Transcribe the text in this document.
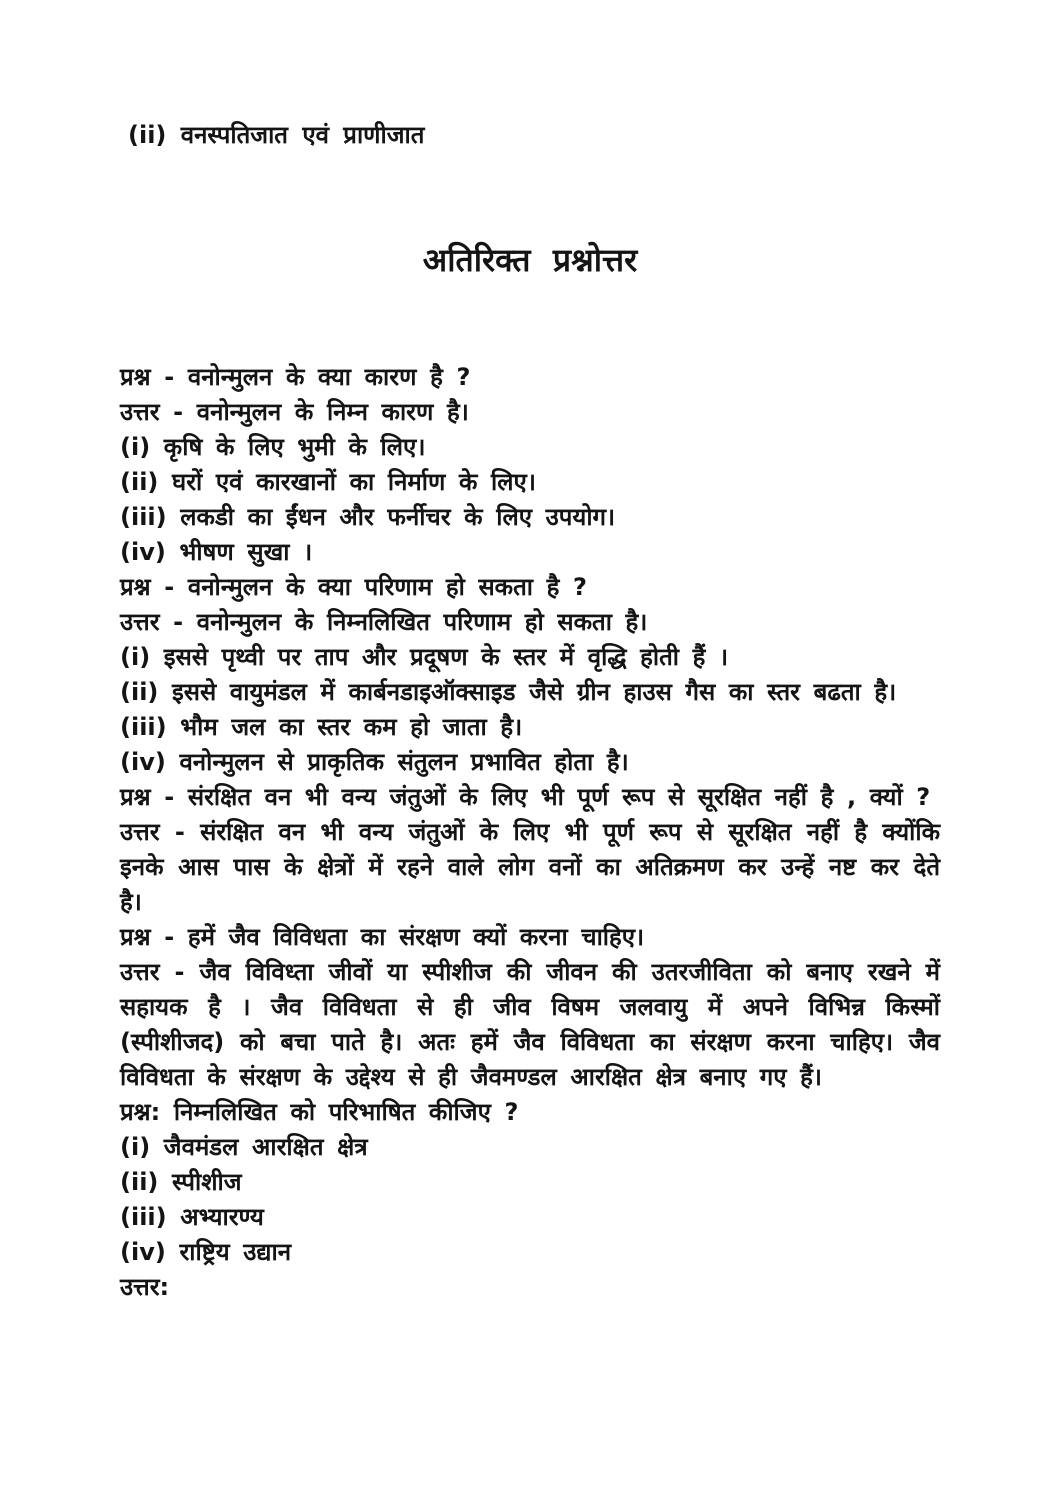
(ii) वनस्पतिजात एवं प्राणीजात
अतिरिक्त प्रश्नोत्तर

प्रश्न - वनोन्मुलन के क्या कारण है ?

उत्तर - वनोन्मुलन के निम्न कारण है।

(i) कृषि के लिए भुमी के लिए।

(ii) घरों एवं कारखानों का निर्माण के लिए।

(iii) लकडी का ईंधन और फर्नीचर के लिए उपयोग।

(iv) भीषण सुखा ।

प्रश्न - वनोन्मुलन के क्या परिणाम हो सकता है ?

उत्तर - वनोन्मुलन के निम्नलिखित परिणाम हो सकता है।

(i) इससे पृथ्वी पर ताप और प्रदूषण के स्तर में वृद्धि होती हैं ।

(ii) इससे वायुमंडल में कार्बनडाइऑक्साइड जैसे ग्रीन हाउस गैस का स्तर बढता है।

(iii) भौम जल का स्तर कम हो जाता है।

(iv) वनोन्मुलन से प्राकृतिक संतुलन प्रभावित होता है।

प्रश्न - संरक्षित वन भी वन्य जंतुओं के लिए भी पूर्ण रूप से सूरक्षित नहीं है , क्यों ?

उत्तर - संरक्षित वन भी वन्य जंतुओं के लिए भी पूर्ण रूप से सूरक्षित नहीं है क्योंकि इनके आस पास के क्षेत्रों में रहने वाले लोग वनों का अतिक्रमण कर उन्हें नष्ट कर देते है।

प्रश्न - हमें जैव विविधता का संरक्षण क्यों करना चाहिए।

उत्तर - जैव विविध्ता जीवों या स्पीशीज की जीवन की उतरजीविता को बनाए रखने में सहायक है । जैव विविधता से ही जीव विषम जलवायु में अपने विभिन्न किस्मों (स्पीशीजद) को बचा पाते है। अतः हमें जैव विविधता का संरक्षण करना चाहिए। जैव विविधता के संरक्षण के उद्देश्य से ही जैवमण्डल आरक्षित क्षेत्र बनाए गए हैं।

प्रश्न: निम्नलिखित को परिभाषित कीजिए ?

(i) जैवमंडल आरक्षित क्षेत्र

(ii) स्पीशीज

(iii) अभ्यारण्य

(iv) राष्ट्रिय उद्यान

उत्तर:
